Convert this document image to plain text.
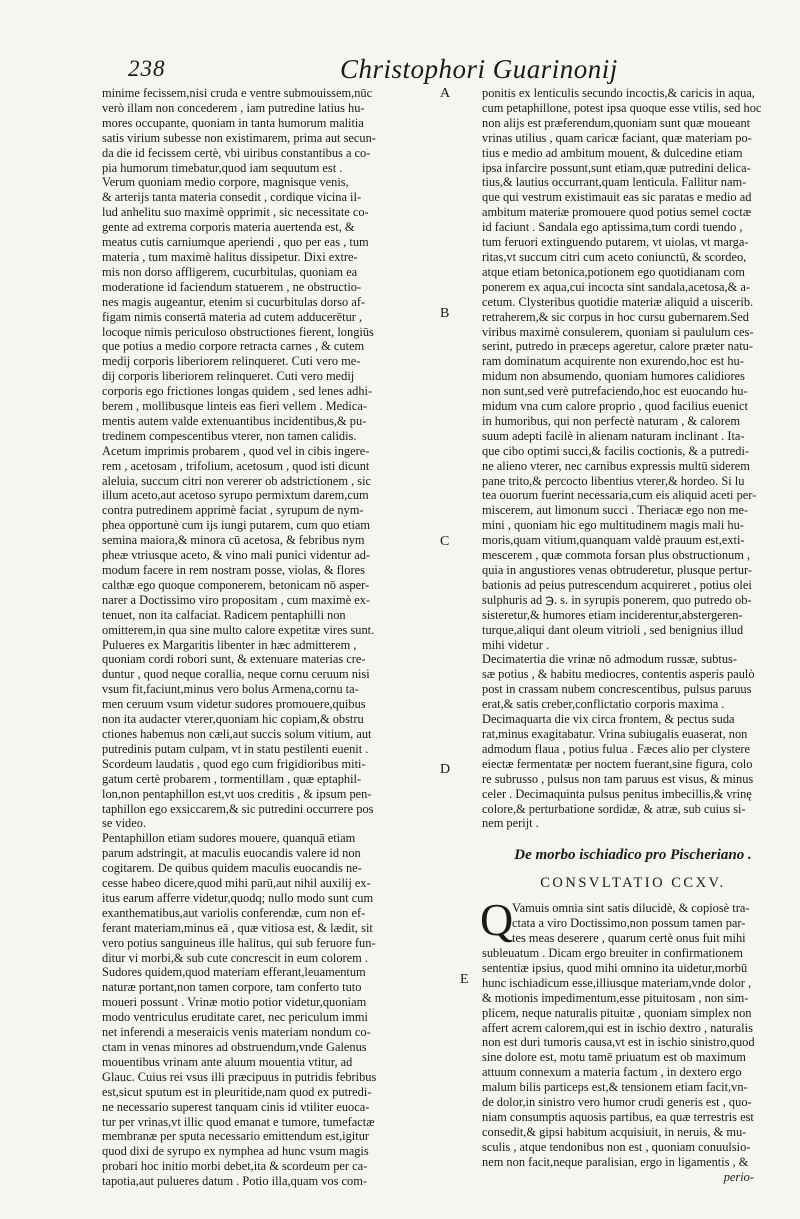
238	Christophori Guarinonij
minime fecissem,nisi cruda e ventre submouissem,nūc
verò illam non concederem , iam putredine latius hu-
mores occupante, quoniam in tanta humorum malitia
satis virium subesse non existimarem, prima aut secun-
da die id fecissem certè, vbi uiribus constantibus a co-
pia humorum timebatur,quod iam sequutum est .
Verum quoniam medio corpore, magnisque venis,
& arterijs tanta materia consedit , cordique vicina il-
lud anhelitu suo maximè opprimit , sic necessitate co-
gente ad extrema corporis materia auertenda est, &
meatus cutis carniumque aperiendi , quo per eas , tum
materia , tum maximè halitus dissipetur. Dixi extre-
mis non dorso affligerem, cucurbitulas, quoniam ea
moderatione id faciendum statuerem , ne obstructio-
nes magis augeantur, etenim si cucurbitulas dorso af-
figam nimis consertā materia ad cutem adducerētur ,
locoque nimis periculoso obstructiones fierent, longiūs
que potius a medio corpore retracta carnes , & cutem
medij corporis liberiorem relinqueret. Cuti vero me-
dij corporis liberiorem relinqueret. Cuti vero medij
corporis ego frictiones longas quidem , sed lenes adhi-
berem , mollibusque linteis eas fieri vellem . Medica-
mentis autem valde extenuantibus incidentibus,& pu-
tredinem compescentibus vterer, non tamen calidis.
Acetum imprimis probarem , quod vel in cibis ingere-
rem , acetosam , trifolium, acetosum , quod isti dicunt
aleluia, succum citri non vererer ob adstrictionem , sic
illum aceto,aut acetoso syrupo permixtum darem,cum
contra putredinem apprimè faciat , syrupum de nym-
phea opportunè cum ijs iungi putarem, cum quo etiam
semina maiora,& minora cū acetosa, & febribus nym
pheæ vtriusque aceto, & vino mali punici videntur ad-
modum facere in rem nostram posse, violas, & flores
calthæ ego quoque componerem, betonicam nō asper-
narer a Doctissimo viro propositam , cum maximè ex-
tenuet, non ita calfaciat. Radicem pentaphilli non
omitterem,in qua sine multo calore expetitæ vires sunt.
Pulueres ex Margaritis libenter in hæc admitterem ,
quoniam cordi robori sunt, & extenuare materias cre-
duntur , quod neque corallia, neque cornu ceruum nisi
vsum fit,faciunt,minus vero bolus Armena,cornu ta-
men ceruum vsum videtur sudores promouere,quibus
non ita audacter vterer,quoniam hic copiam,& obstru
ctiones habemus non cæli,aut succis solum vitium, aut
putredinis putam culpam, vt in statu pestilenti euenit .
Scordeum laudatis , quod ego cum frigidioribus miti-
gatum certè probarem , tormentillam , quæ eptaphil-
lon,non pentaphillon est,vt uos creditis , & ipsum pen-
taphillon ego exsiccarem,& sic putredini occurrere pos
se video.
Pentaphillon etiam sudores mouere, quanquā etiam
parum adstringit, at maculis euocandis valere id non
cogitarem. De quibus quidem maculis euocandis ne-
cesse habeo dicere,quod mihi parū,aut nihil auxilij ex-
itus earum afferre videtur,quodq; nullo modo sunt cum
exanthematibus,aut variolis conferendæ, cum non ef-
ferant materiam,minus eā , quæ vitiosa est, & lædit, sit
vero potius sanguineus ille halitus, qui sub feruore fun-
ditur vi morbi,& sub cute concrescit in eum colorem .
Sudores quidem,quod materiam efferant,leuamentum
naturæ portant,non tamen corpore, tam conferto tuto
moueri possunt . Vrinæ motio potior videtur,quoniam
modo ventriculus eruditate caret, nec periculum immi
net inferendi a meseraicis venis materiam nondum co-
ctam in venas minores ad obstruendum,vnde Galenus
mouentibus vrinam ante aluum mouentia vtitur, ad
Glauc. Cuius rei vsus illi præcipuus in putridis febribus
est,sicut sputum est in pleuritide,nam quod ex putredi-
ne necessario superest tanquam cinis id vtiliter euoca-
tur per vrinas,vt illic quod emanat e tumore, tumefactæ
membranæ per sputa necessario emittendum est,igitur
quod dixi de syrupo ex nymphea ad hunc vsum magis
probari hoc initio morbi debet,ita & scordeum per ca-
tapotia,aut pulueres datum . Potio illa,quam vos com-
A
B
C
D
E
ponitis ex lenticulis secundo incoctis,& caricis in aqua,
cum petaphillone, potest ipsa quoque esse vtilis, sed hoc
non alijs est præferendum,quoniam sunt quæ moueant
vrinas utilius , quam caricæ faciant, quæ materiam po-
tius e medio ad ambitum mouent, & dulcedine etiam
ipsa infarcire possunt,sunt etiam,quæ putredini delica-
tius,& lautius occurrant,quam lenticula. Fallitur nam-
que qui vestrum existimauit eas sic paratas e medio ad
ambitum materiæ promouere quod potius semel coctæ
id faciunt . Sandala ego aptissima,tum cordi tuendo ,
tum feruori extinguendo putarem, vt uiolas, vt marga-
ritas,vt succum citri cum aceto coniunctū, & scordeo,
atque etiam betonica,potionem ego quotidianam com
ponerem ex aqua,cui incocta sint sandala,acetosa,& a-
cetum. Clysteribus quotidie materiæ aliquid a uiscerib.
retraherem,& sic corpus in hoc cursu gubernarem.Sed
viribus maximè consulerem, quoniam si paululum ces-
serint, putredo in præceps ageretur, calore præter natu-
ram dominatum acquirente non exurendo,hoc est hu-
midum non absumendo, quoniam humores calidiores
non sunt,sed verè putrefaciendo,hoc est euocando hu-
midum vna cum calore proprio , quod facilius euenict
in humoribus, qui non perfectè naturam , & calorem
suum adepti facilè in alienam naturam inclinant . Ita-
que cibo optimi succi,& facilis coctionis, & a putredi-
ne alieno vterer, nec carnibus expressis multū siderem
pane trito,& percocto libentius vterer,& hordeo. Si lu
tea ouorum fuerint necessaria,cum eis aliquid aceti per-
miscerem, aut limonum succi . Theriacæ ego non me-
mini , quoniam hic ego multitudinem magis mali hu-
moris,quam vitium,quanquam valdè prauum est,exti-
mescerem , quæ commota forsan plus obstructionum ,
quia in angustiores venas obtruderetur, plusque pertur-
bationis ad peius putrescendum acquireret , potius olei
sulphuris ad ℈. s. in syrupis ponerem, quo putredo ob-
sisteretur,& humores etiam inciderentur,abstergeren-
turque,aliqui dant oleum vitrioli , sed benignius illud
mihi videtur .
Decimatertia die vrinæ nō admodum russæ, subtus-
sæ potius , & habitu mediocres, contentis asperis paulò
post in crassam nubem concrescentibus, pulsus paruus
erat,& satis creber,conflictatio corporis maxima .
Decimaquarta die vix circa frontem, & pectus suda
rat,minus exagitabatur. Vrina subiugalis euaserat, non
admodum flaua , potius fulua . Fæces alio per clystere
eiectæ fermentatæ per noctem fuerant,sine figura, colo
re subrusso , pulsus non tam paruus est visus, & minus
celer . Decimaquinta pulsus penitus imbecillis,& vrinę
colore,& perturbatione sordidæ, & atræ, sub cuius si-
nem perijt .
De morbo ischiadico pro Pischeriano .
CONSVLTATIO CCXV.
Q
Vamuis omnia sint satis dilucidè, & copiosè tra-
ctata a viro Doctissimo,non possum tamen par-
tes meas deserere , quarum certè onus fuit mihi
subleuatum . Dicam ergo breuiter in confirmationem
sententiæ ipsius, quod mihi omnino ita uidetur,morbū
hunc ischiadicum esse,illiusque materiam,vnde dolor ,
& motionis impedimentum,esse pituitosam , non sim-
plicem, neque naturalis pituitæ , quoniam simplex non
affert acrem calorem,qui est in ischio dextro , naturalis
non est duri tumoris causa,vt est in ischio sinistro,quod
sine dolore est, motu tamē priuatum est ob maximum
attuum connexum a materia factum , in dextero ergo
malum bilis particeps est,& tensionem etiam facit,vn-
de dolor,in sinistro vero humor crudi generis est , quo-
niam consumptis aquosis partibus, ea quæ terrestris est
consedit,& gipsi habitum acquisiuit, in neruis, & mu-
sculis , atque tendonibus non est , quoniam conuulsio-
nem non facit,neque paralisian, ergo in ligamentis , &
perio-
